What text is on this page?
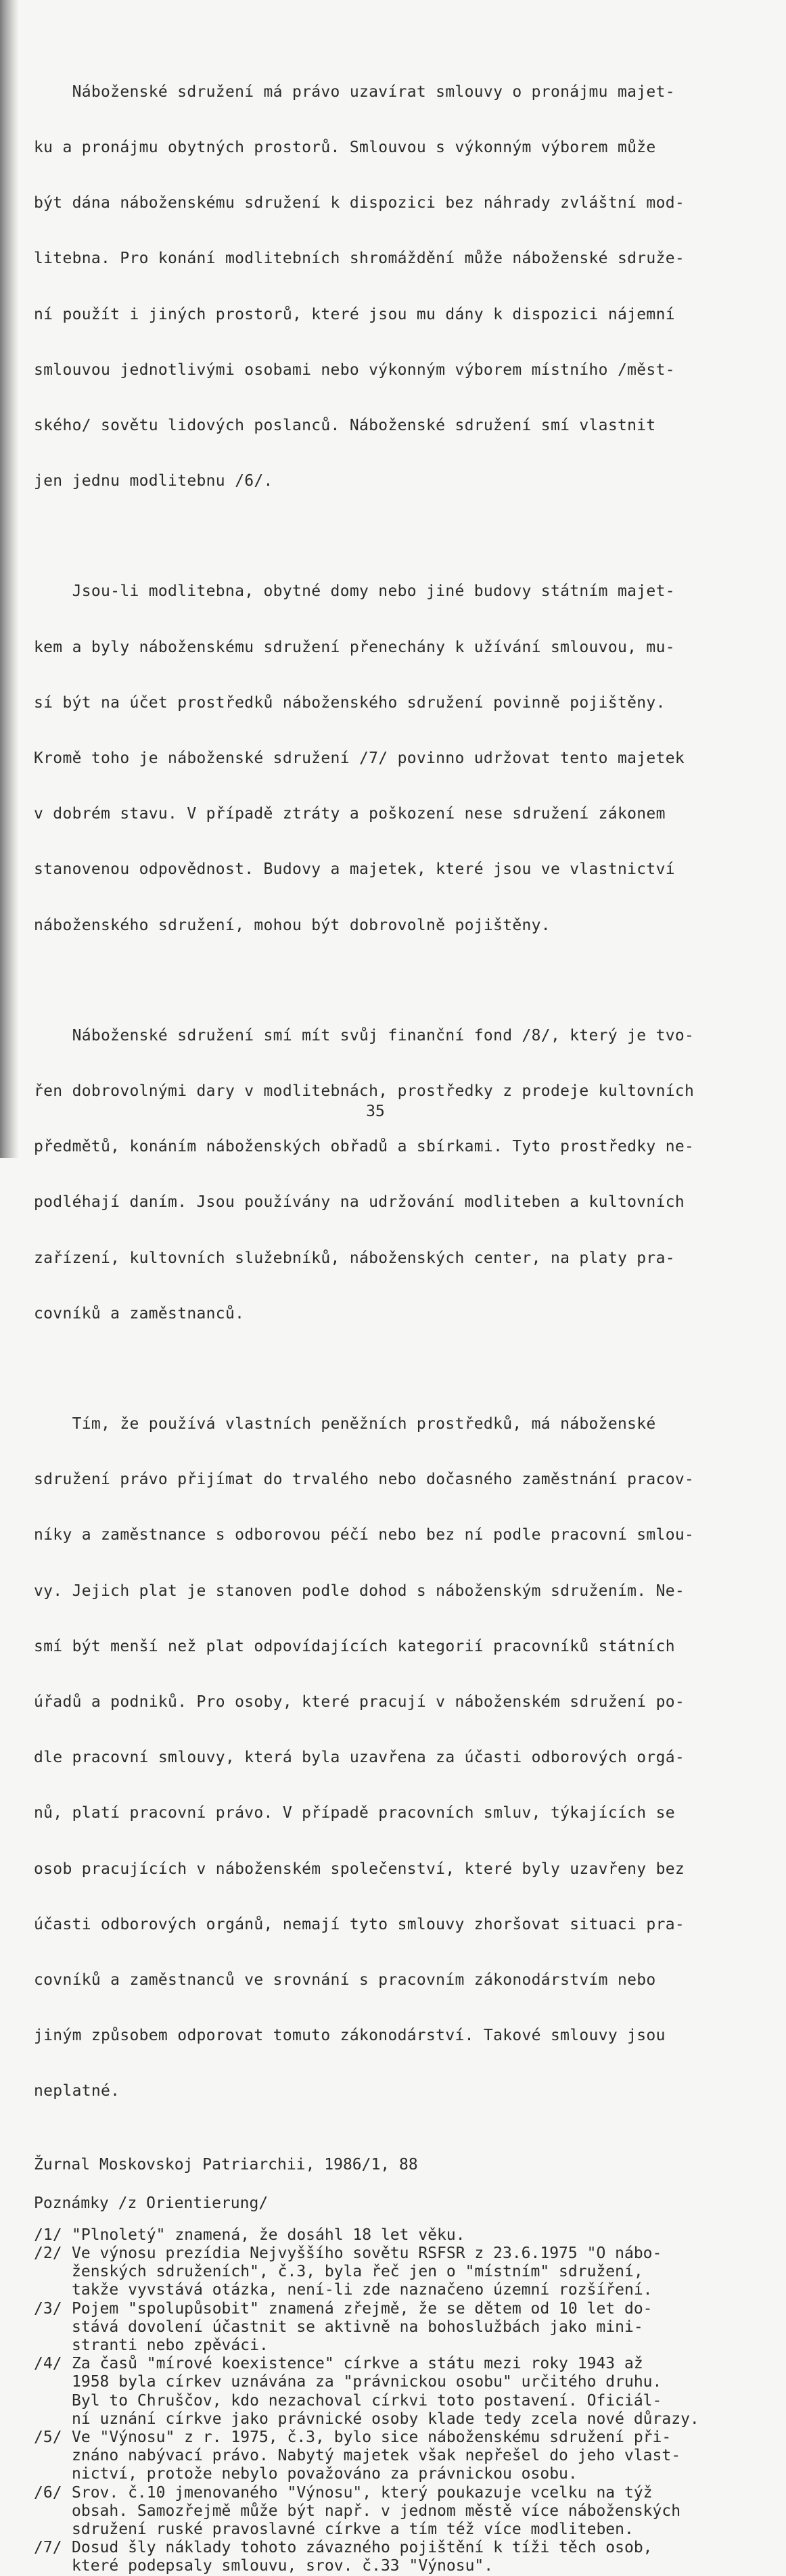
Náboženské sdružení má právo uzavírat smlouvy o pronájmu majet-

ku a pronájmu obytných prostorů. Smlouvou s výkonným výborem může

být dána náboženskému sdružení k dispozici bez náhrady zvláštní mod-

litebna. Pro konání modlitebních shromáždění může náboženské sdruže-

ní použít i jiných prostorů, které jsou mu dány k dispozici nájemní

smlouvou jednotlivými osobami nebo výkonným výborem místního /měst-

ského/ sovětu lidových poslanců. Náboženské sdružení smí vlastnit

jen jednu modlitebnu /6/.

Jsou-li modlitebna, obytné domy nebo jiné budovy státním majet-

kem a byly náboženskému sdružení přenechány k užívání smlouvou, mu-

sí být na účet prostředků náboženského sdružení povinně pojištěny.

Kromě toho je náboženské sdružení /7/ povinno udržovat tento majetek

v dobrém stavu. V případě ztráty a poškození nese sdružení zákonem

stanovenou odpovědnost. Budovy a majetek, které jsou ve vlastnictví

náboženského sdružení, mohou být dobrovolně pojištěny.

Náboženské sdružení smí mít svůj finanční fond /8/, který je tvo-

řen dobrovolnými dary v modlitebnách, prostředky z prodeje kultovních

předmětů, konáním náboženských obřadů a sbírkami. Tyto prostředky ne-

podléhají daním. Jsou používány na udržování modliteben a kultovních

zařízení, kultovních služebníků, náboženských center, na platy pra-

covníků a zaměstnanců.

Tím, že používá vlastních peněžních prostředků, má náboženské

sdružení právo přijímat do trvalého nebo dočasného zaměstnání pracov-

níky a zaměstnance s odborovou péčí nebo bez ní podle pracovní smlou-

vy. Jejich plat je stanoven podle dohod s náboženským sdružením. Ne-

smí být menší než plat odpovídajících kategorií pracovníků státních

úřadů a podniků. Pro osoby, které pracují v náboženském sdružení po-

dle pracovní smlouvy, která byla uzavřena za účasti odborových orgá-

nů, platí pracovní právo. V případě pracovních smluv, týkajících se

osob pracujících v náboženském společenství, které byly uzavřeny bez

účasti odborových orgánů, nemají tyto smlouvy zhoršovat situaci pra-

covníků a zaměstnanců ve srovnání s pracovním zákonodárstvím nebo

jiným způsobem odporovat tomuto zákonodárství. Takové smlouvy jsou

neplatné.

Žurnal Moskovskoj Patriarchii, 1986/1, 88
Poznámky /z Orientierung/
/1/ "Plnoletý" znamená, že dosáhl 18 let věku.
/2/ Ve výnosu prezídia Nejvyššího sovětu RSFSR z 23.6.1975 "O nábo-
ženských sdruženích", č.3, byla řeč jen o "místním" sdružení,
takže vyvstává otázka, není-li zde naznačeno územní rozšíření.
/3/ Pojem "spolupůsobit" znamená zřejmě, že se dětem od 10 let do-
stává dovolení účastnit se aktivně na bohoslužbách jako mini-
stranti nebo zpěváci.
/4/ Za časů "mírové koexistence" církve a státu mezi roky 1943 až
1958 byla církev uznávána za "právnickou osobu" určitého druhu.
Byl to Chruščov, kdo nezachoval církvi toto postavení. Oficiál-
ní uznání církve jako právnické osoby klade tedy zcela nové důrazy.
/5/ Ve "Výnosu" z r. 1975, č.3, bylo sice náboženskému sdružení při-
znáno nabývací právo. Nabytý majetek však nepřešel do jeho vlast-
nictví, protože nebylo považováno za právnickou osobu.
/6/ Srov. č.10 jmenovaného "Výnosu", který poukazuje vcelku na týž
obsah. Samozřejmě může být např. v jednom městě více náboženských
sdružení ruské pravoslavné církve a tím též více modliteben.
/7/ Dosud šly náklady tohoto závazného pojištění k tíži těch osob,
které podepsaly smlouvu, srov. č.33 "Výnosu".
35
